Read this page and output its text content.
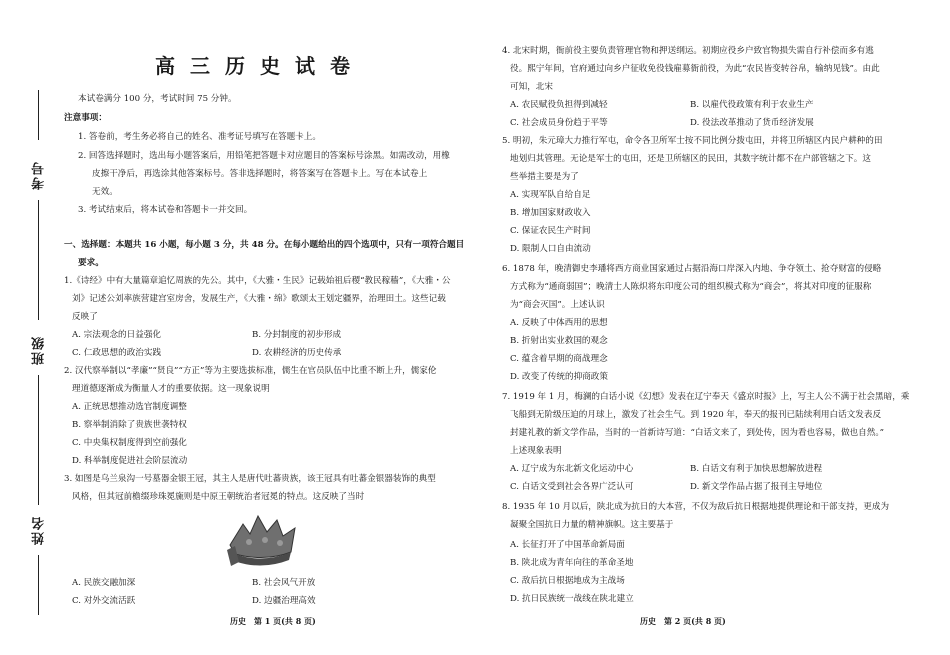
考号
班级
姓名
高三历史试卷
本试卷满分 100 分，考试时间 75 分钟。
注意事项：
1. 答卷前，考生务必将自己的姓名、准考证号填写在答题卡上。
2. 回答选择题时，选出每小题答案后，用铅笔把答题卡对应题目的答案标号涂黑。如需改动，用橡
皮擦干净后，再选涂其他答案标号。答非选择题时，将答案写在答题卡上。写在本试卷上
无效。
3. 考试结束后，将本试卷和答题卡一并交回。
一、选择题：本题共 16 小题，每小题 3 分，共 48 分。在每小题给出的四个选项中，只有一项符合题目
要求。
1.《诗经》中有大量篇章追忆周族的先公。其中，《大雅・生民》记载始祖后稷“教民稼穑”，《大雅・公
刘》记述公刘率族营建宫室房舍，发展生产，《大雅・绵》歌颂太王划定疆界，治理田土。这些记载
反映了
A. 宗法观念的日益强化	B. 分封制度的初步形成
C. 仁政思想的政治实践	D. 农耕经济的历史传承
2. 汉代察举制以“孝廉”“贤良”“方正”等为主要选拔标准，儒生在官员队伍中比重不断上升，儒家伦
理道德逐渐成为衡量人才的重要依据。这一现象说明
A. 正统思想推动选官制度调整
B. 察举制消除了贵族世袭特权
C. 中央集权制度得到空前强化
D. 科举制度促进社会阶层流动
3. 如图是乌兰泉沟一号墓器金银王冠，其主人是唐代吐蕃贵族，该王冠具有吐蕃金银器装饰的典型
风格，但其冠前檐缀珍珠冕旒则是中原王朝统治者冠冕的特点。这反映了当时
A. 民族交融加深	B. 社会风气开放
C. 对外交流活跃	D. 边疆治理高效
历史　第 1 页(共 8 页)
4. 北宋时期，衙前役主要负责管理官物和押送纲运。初期应役乡户致官物损失需自行补偿而多有逃
役。熙宁年间，官府通过向乡户征收免役钱雇募衙前役，为此“农民皆变转谷帛，输纳见钱”。由此
可知，北宋
A. 农民赋役负担得到减轻	B. 以雇代役政策有利于农业生产
C. 社会成员身份趋于平等	D. 役法改革推动了货币经济发展
5. 明初，朱元璋大力推行军屯，命令各卫所军士按不同比例分拨屯田，并将卫所辖区内民户耕种的田
地划归其管理。无论是军士的屯田，还是卫所辖区的民田，其数字统计都不在户部管辖之下。这
些举措主要是为了
A. 实现军队自给自足
B. 增加国家财政收入
C. 保证农民生产时间
D. 限制人口自由流动
6. 1878 年，晚清御史李璠将西方商业国家通过占据沿海口岸深入内地、争夺领土、抢夺财富的侵略
方式称为“通商弱国”；晚清士人陈炽将东印度公司的组织模式称为“商会”，将其对印度的征服称
为“商会灭国”。上述认识
A. 反映了中体西用的思想
B. 折射出实业救国的观念
C. 蕴含着早期的商战理念
D. 改变了传统的抑商政策
7. 1919 年 1 月，梅澜的白话小说《幻想》发表在辽宁奉天《盛京时报》上，写主人公不满于社会黑暗，乘
飞船到无阶级压迫的月球上，激发了社会生气。到 1920 年，奉天的报刊已陆续利用白话文发表反
封建礼教的新文学作品，当时的一首新诗写道：“白话文来了，到处传，因为看也容易，做也自然。”
上述现象表明
A. 辽宁成为东北新文化运动中心	B. 白话文有利于加快思想解放进程
C. 白话文受到社会各界广泛认可	D. 新文学作品占据了报刊主导地位
8. 1935 年 10 月以后，陕北成为抗日的大本营，不仅为敌后抗日根据地提供理论和干部支持，更成为
凝聚全国抗日力量的精神旗帜。这主要基于
A. 长征打开了中国革命新局面
B. 陕北成为青年向往的革命圣地
C. 敌后抗日根据地成为主战场
D. 抗日民族统一战线在陕北建立
历史　第 2 页(共 8 页)
